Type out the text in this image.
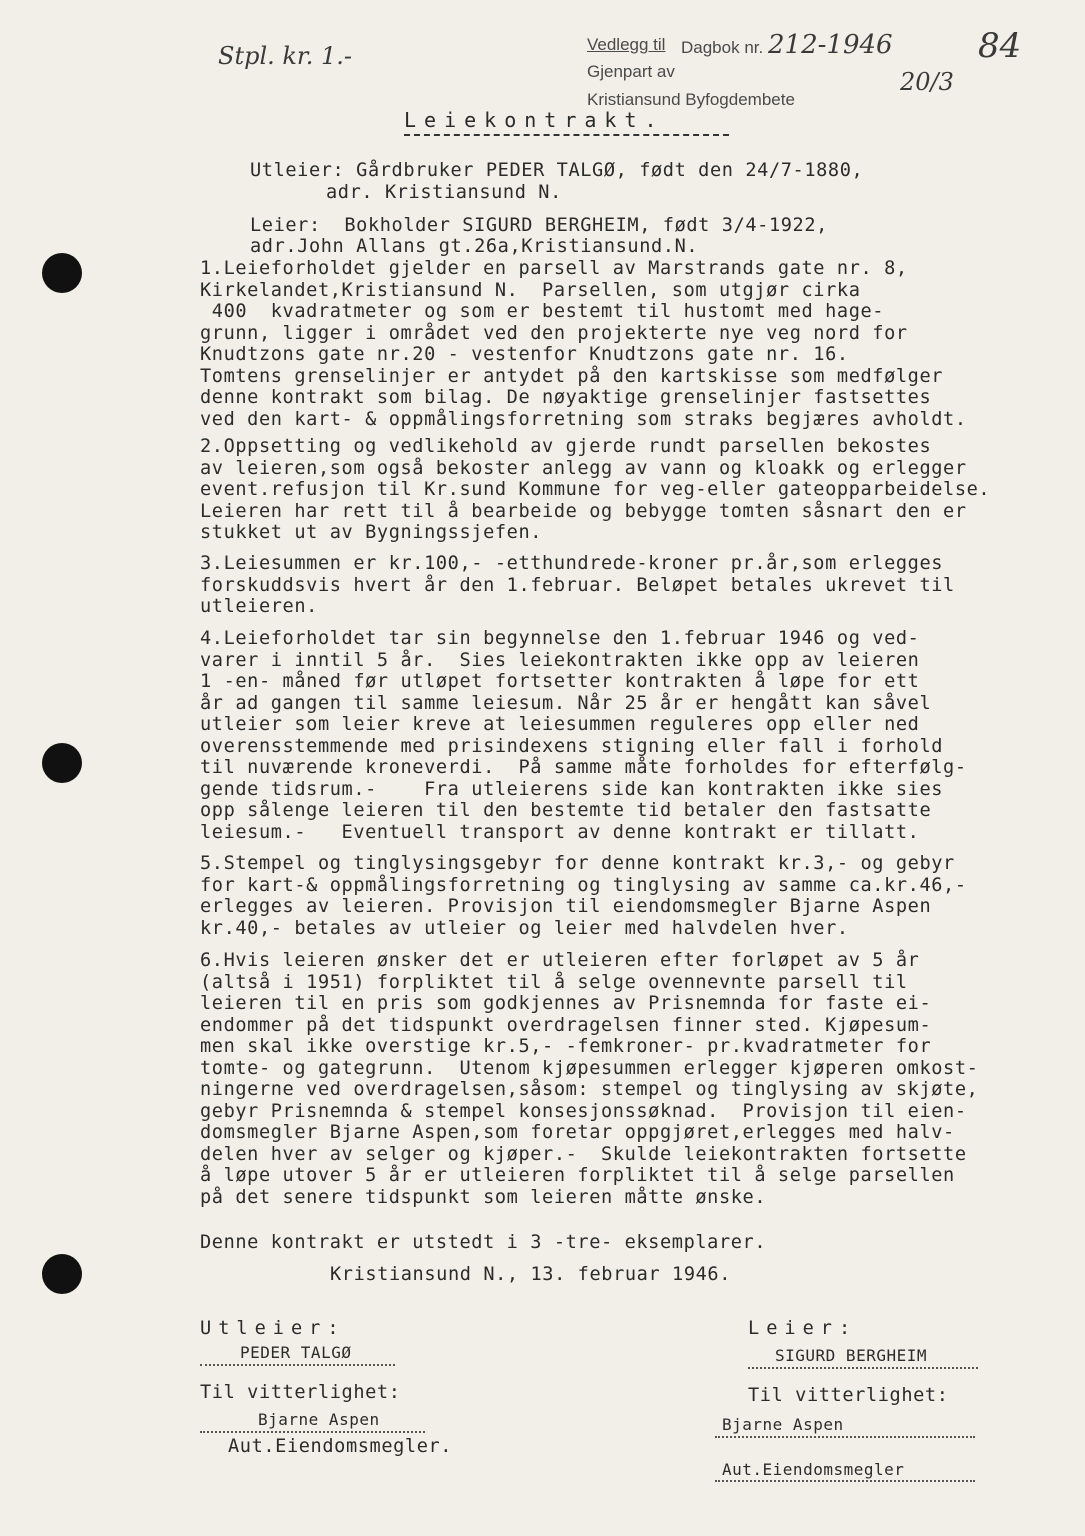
Stpl. kr. 1.-	84
Vedlegg til Dagbok nr. 212-1946
Gjenpart av
Kristiansund Byfogdembete
20/3
Leiekontrakt.
Utleier: Gårdbruker PEDER TALGØ, født den 24/7-1880,
adr. Kristiansund N.
Leier:  Bokholder SIGURD BERGHEIM, født 3/4-1922,
adr.John Allans gt.26a,Kristiansund.N.
1.Leieforholdet gjelder en parsell av Marstrands gate nr. 8,
Kirkelandet,Kristiansund N.  Parsellen, som utgjør cirka
400  kvadratmeter og som er bestemt til hustomt med hage-
grunn, ligger i området ved den projekterte nye veg nord for
Knudtzons gate nr.20 - vestenfor Knudtzons gate nr. 16.
Tomtens grenselinjer er antydet på den kartskisse som medfølger
denne kontrakt som bilag. De nøyaktige grenselinjer fastsettes
ved den kart- & oppmålingsforretning som straks begjæres avholdt.
2.Oppsetting og vedlikehold av gjerde rundt parsellen bekostes
av leieren,som også bekoster anlegg av vann og kloakk og erlegger
event.refusjon til Kr.sund Kommune for veg-eller gateopparbeidelse.
Leieren har rett til å bearbeide og bebygge tomten såsnart den er
stukket ut av Bygningssjefen.
3.Leiesummen er kr.100,- -etthundrede-kroner pr.år,som erlegges
forskuddsvis hvert år den 1.februar. Beløpet betales ukrevet til
utleieren.
4.Leieforholdet tar sin begynnelse den 1.februar 1946 og ved-
varer i inntil 5 år.  Sies leiekontrakten ikke opp av leieren
1 -en- måned før utløpet fortsetter kontrakten å løpe for ett
år ad gangen til samme leiesum. Når 25 år er hengått kan såvel
utleier som leier kreve at leiesummen reguleres opp eller ned
overensstemmende med prisindexens stigning eller fall i forhold
til nuværende kroneverdi.  På samme måte forholdes for efterfølg-
gende tidsrum.-    Fra utleierens side kan kontrakten ikke sies
opp sålenge leieren til den bestemte tid betaler den fastsatte
leiesum.-   Eventuell transport av denne kontrakt er tillatt.
5.Stempel og tinglysingsgebyr for denne kontrakt kr.3,- og gebyr
for kart-& oppmålingsforretning og tinglysing av samme ca.kr.46,-
erlegges av leieren. Provisjon til eiendomsmegler Bjarne Aspen
kr.40,- betales av utleier og leier med halvdelen hver.
6.Hvis leieren ønsker det er utleieren efter forløpet av 5 år
(altså i 1951) forpliktet til å selge ovennevnte parsell til
leieren til en pris som godkjennes av Prisnemnda for faste ei-
endommer på det tidspunkt overdragelsen finner sted. Kjøpesum-
men skal ikke overstige kr.5,- -femkroner- pr.kvadratmeter for
tomte- og gategrunn.  Utenom kjøpesummen erlegger kjøperen omkost-
ningerne ved overdragelsen,såsom: stempel og tinglysing av skjøte,
gebyr Prisnemnda & stempel konsesjonssøknad.  Provisjon til eien-
domsmegler Bjarne Aspen,som foretar oppgjøret,erlegges med halv-
delen hver av selger og kjøper.-  Skulde leiekontrakten fortsette
å løpe utover 5 år er utleieren forpliktet til å selge parsellen
på det senere tidspunkt som leieren måtte ønske.
Denne kontrakt er utstedt i 3 -tre- eksemplarer.
Kristiansund N., 13. februar 1946.
Utleier:
PEDER TALGØ
Leier:
SIGURD BERGHEIM
Til vitterlighet:
Bjarne Aspen
Aut.Eiendomsmegler.
Til vitterlighet:
Bjarne Aspen
Aut.Eiendomsmegler
